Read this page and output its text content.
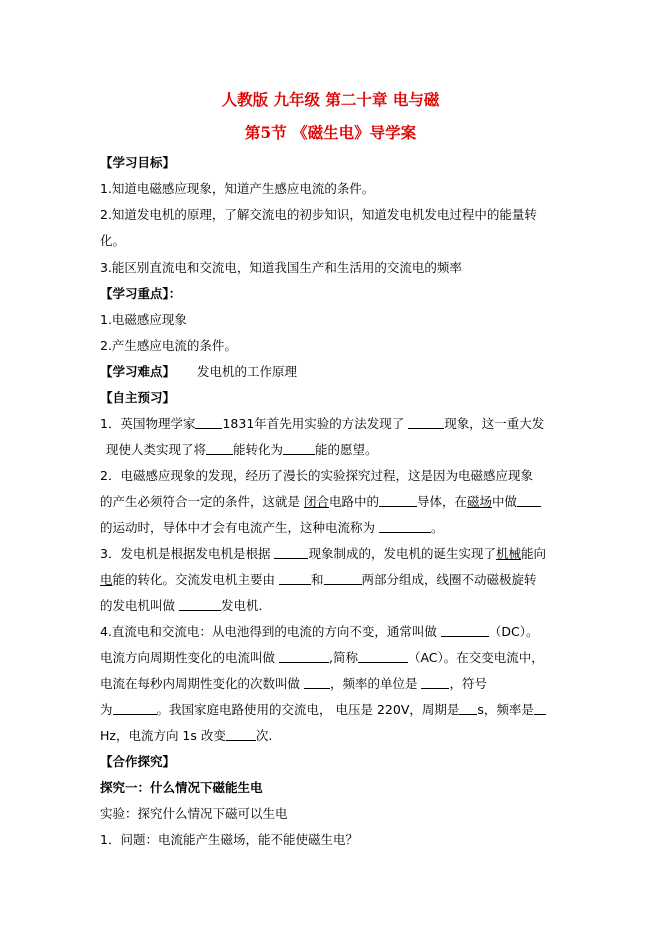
人教版 九年级 第二十章 电与磁
第5节 《磁生电》导学案
【学习目标】
1.知道电磁感应现象，知道产生感应电流的条件。
2.知道发电机的原理，了解交流电的初步知识，知道发电机发电过程中的能量转
化。
3.能区别直流电和交流电，知道我国生产和生活用的交流电的频率
【学习重点】：
1.电磁感应现象
2.产生感应电流的条件。
【学习难点】 发电机的工作原理
【自主预习】
1．英国物理学家 1831年首先用实验的方法发现了	现象，这一重大发
现使人类实现了将 能转化为	能的愿望。
2．电磁感应现象的发现，经历了漫长的实验探究过程，这是因为电磁感应现象
的产生必须符合一定的条件，这就是 闭合电路中的	导体，在磁场中做
的运动时，导体中才会有电流产生，这种电流称为	。
3．发电机是根据发电机是根据	现象制成的，发电机的诞生实现了机械能向
电能的转化。交流发电机主要由	和	两部分组成，线圈不动磁极旋转
的发电机叫做	发电机．
4.直流电和交流电：从电池得到的电流的方向不变，通常叫做	（DC）。
电流方向周期性变化的电流叫做	,简称	（AC）。在交变电流中，
电流在每秒内周期性变化的次数叫做 ，频率的单位是 ，符号
为	。我国家庭电路使用的交流电， 电压是 220V，周期是 s，频率是
Hz，电流方向 1s 改变 次.
【合作探究】
探究一：什么情况下磁能生电
实验：探究什么情况下磁可以生电
1．问题：电流能产生磁场，能不能使磁生电？
